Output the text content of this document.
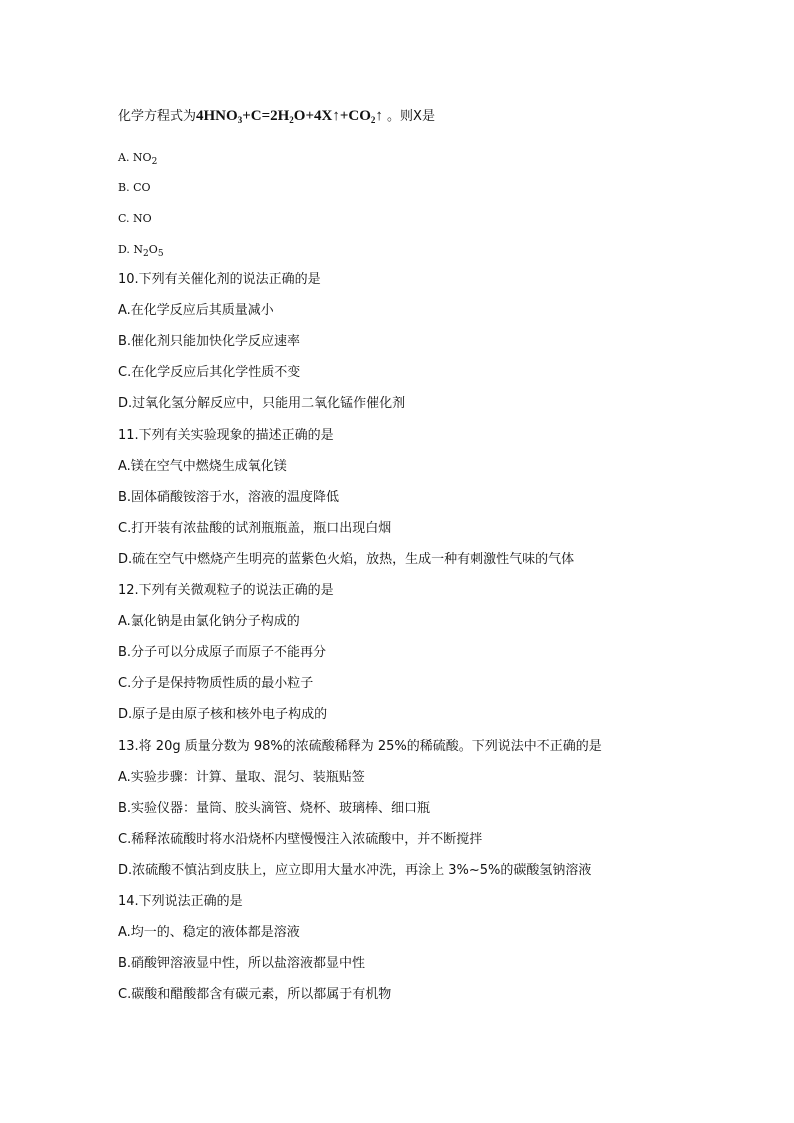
化学方程式为$4HNO_3+C=2H_2O+4X↑+CO_2↑$ 。则X是
A. $NO_2$
B. CO
C. NO
D. $N_2O_5$
10.下列有关催化剂的说法正确的是
A.在化学反应后其质量减小
B.催化剂只能加快化学反应速率
C.在化学反应后其化学性质不变
D.过氧化氢分解反应中，只能用二氧化锰作催化剂
11.下列有关实验现象的描述正确的是
A.镁在空气中燃烧生成氧化镁
B.固体硝酸铵溶于水，溶液的温度降低
C.打开装有浓盐酸的试剂瓶瓶盖，瓶口出现白烟
D.硫在空气中燃烧产生明亮的蓝紫色火焰，放热，生成一种有刺激性气味的气体
12.下列有关微观粒子的说法正确的是
A.氯化钠是由氯化钠分子构成的
B.分子可以分成原子而原子不能再分
C.分子是保持物质性质的最小粒子
D.原子是由原子核和核外电子构成的
13.将 20g 质量分数为 98%的浓硫酸稀释为 25%的稀硫酸。下列说法中不正确的是
A.实验步骤：计算、量取、混匀、装瓶贴签
B.实验仪器：量筒、胶头滴管、烧杯、玻璃棒、细口瓶
C.稀释浓硫酸时将水沿烧杯内壁慢慢注入浓硫酸中，并不断搅拌
D.浓硫酸不慎沾到皮肤上，应立即用大量水冲洗，再涂上 3%~5%的碳酸氢钠溶液
14.下列说法正确的是
A.均一的、稳定的液体都是溶液
B.硝酸钾溶液显中性，所以盐溶液都显中性
C.碳酸和醋酸都含有碳元素，所以都属于有机物
